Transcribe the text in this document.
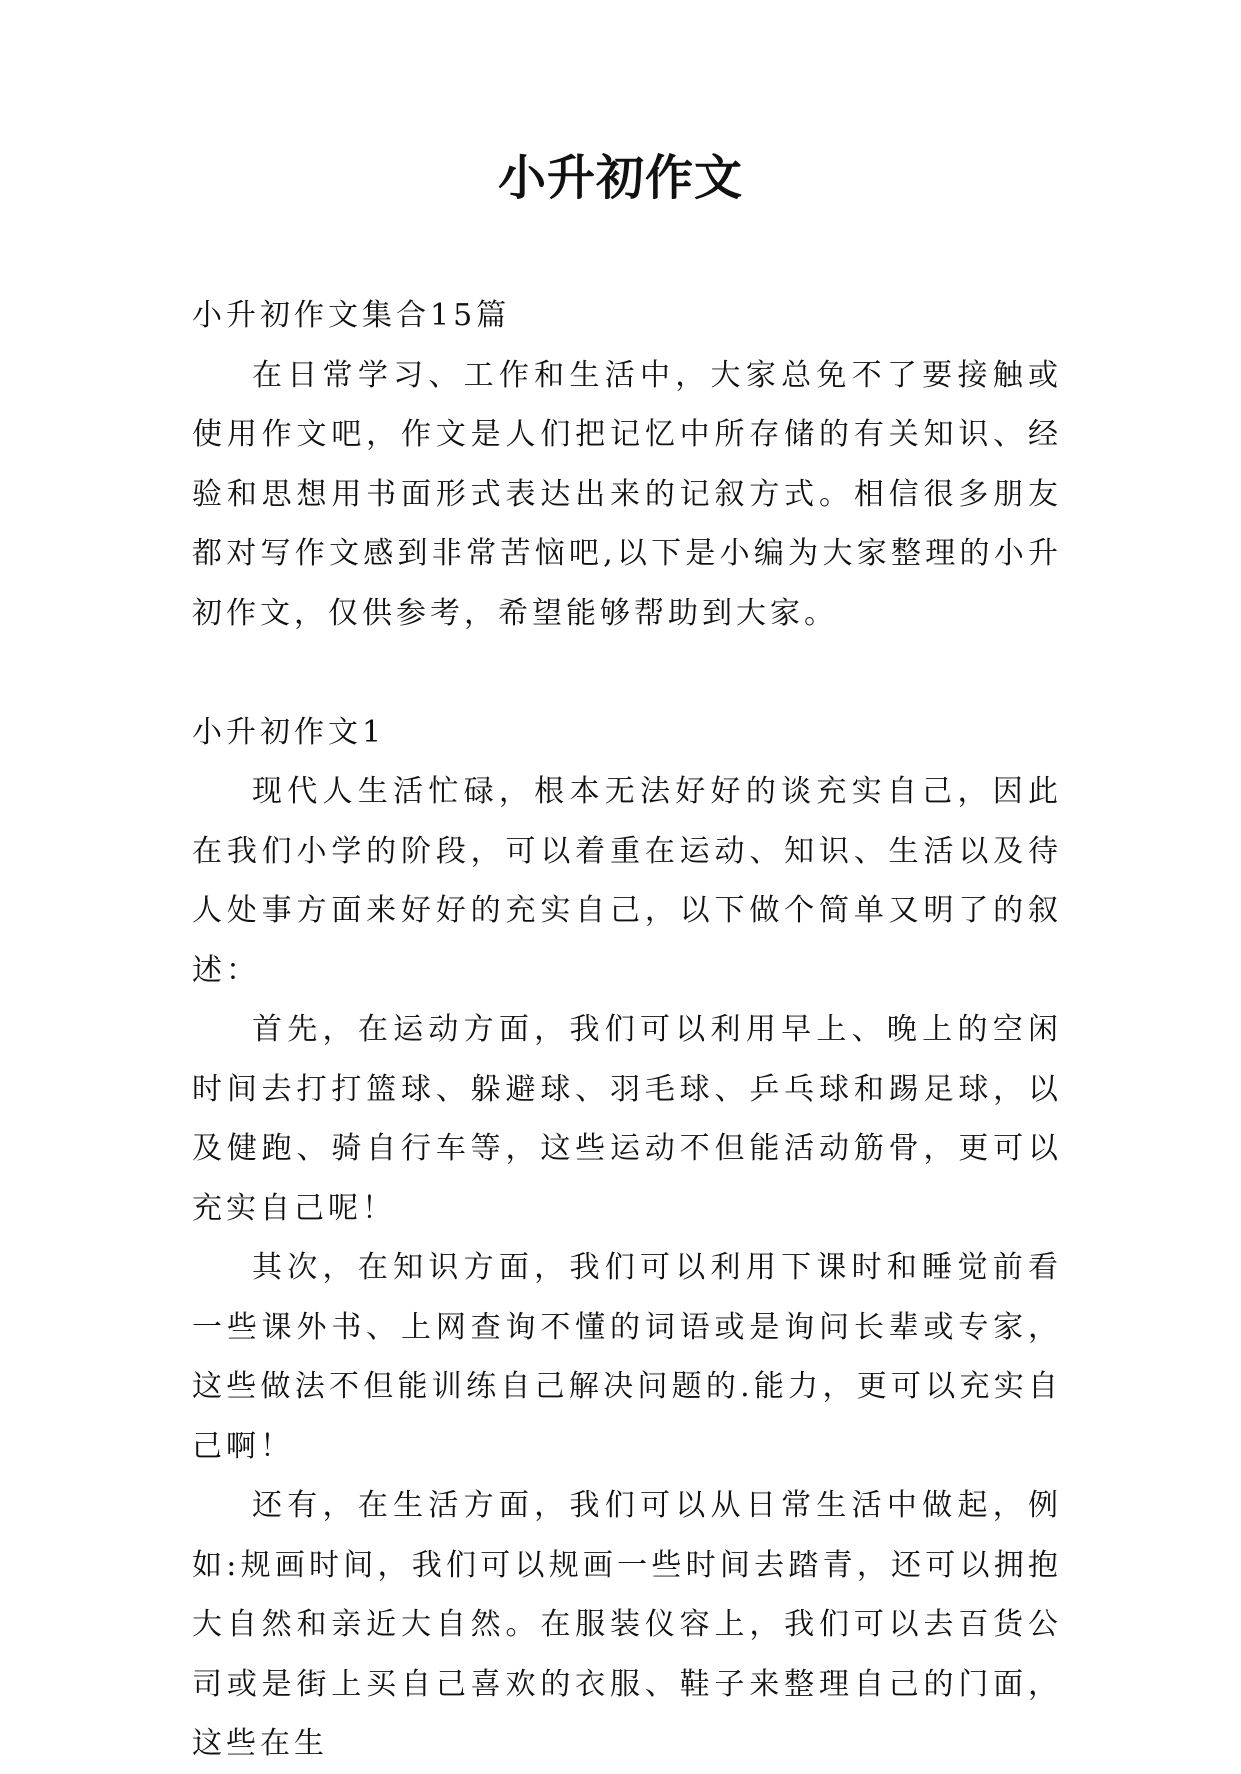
小升初作文

小升初作文集合15篇

在日常学习、工作和生活中，大家总免不了要接触或使用作文吧，作文是人们把记忆中所存储的有关知识、经验和思想用书面形式表达出来的记叙方式。相信很多朋友都对写作文感到非常苦恼吧,以下是小编为大家整理的小升初作文，仅供参考，希望能够帮助到大家。

小升初作文1

现代人生活忙碌，根本无法好好的谈充实自己，因此在我们小学的阶段，可以着重在运动、知识、生活以及待人处事方面来好好的充实自己，以下做个简单又明了的叙述：

首先，在运动方面，我们可以利用早上、晚上的空闲时间去打打篮球、躲避球、羽毛球、乒乓球和踢足球，以及健跑、骑自行车等，这些运动不但能活动筋骨，更可以充实自己呢！

其次，在知识方面，我们可以利用下课时和睡觉前看一些课外书、上网查询不懂的词语或是询问长辈或专家，这些做法不但能训练自己解决问题的.能力，更可以充实自己啊！

还有，在生活方面，我们可以从日常生活中做起，例如:规画时间，我们可以规画一些时间去踏青，还可以拥抱大自然和亲近大自然。在服装仪容上，我们可以去百货公司或是街上买自己喜欢的衣服、鞋子来整理自己的门面，这些在生
